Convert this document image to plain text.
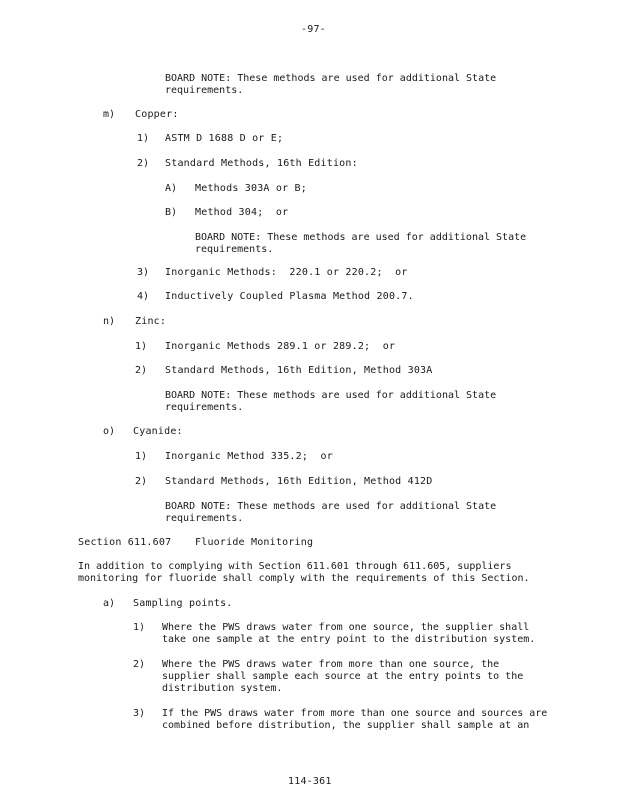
-97-
BOARD NOTE: These methods are used for additional State requirements.
m) Copper:
1) ASTM D 1688 D or E;
2) Standard Methods, 16th Edition:
A) Methods 303A or B;
B) Method 304;  or
BOARD NOTE: These methods are used for additional State requirements.
3) Inorganic Methods:  220.1 or 220.2;  or
4) Inductively Coupled Plasma Method 200.7.
n) Zinc:
1) Inorganic Methods 289.1 or 289.2;  or
2) Standard Methods, 16th Edition, Method 303A
BOARD NOTE: These methods are used for additional State requirements.
o) Cyanide:
1) Inorganic Method 335.2;  or
2) Standard Methods, 16th Edition, Method 412D
BOARD NOTE: These methods are used for additional State requirements.
Section 611.607 Fluoride Monitoring
In addition to complying with Section 611.601 through 611.605, suppliers monitoring for fluoride shall comply with the requirements of this Section.
a) Sampling points.
1) Where the PWS draws water from one source, the supplier shall take one sample at the entry point to the distribution system.
2) Where the PWS draws water from more than one source, the supplier shall sample each source at the entry points to the distribution system.
3) If the PWS draws water from more than one source and sources are combined before distribution, the supplier shall sample at an
114-361
